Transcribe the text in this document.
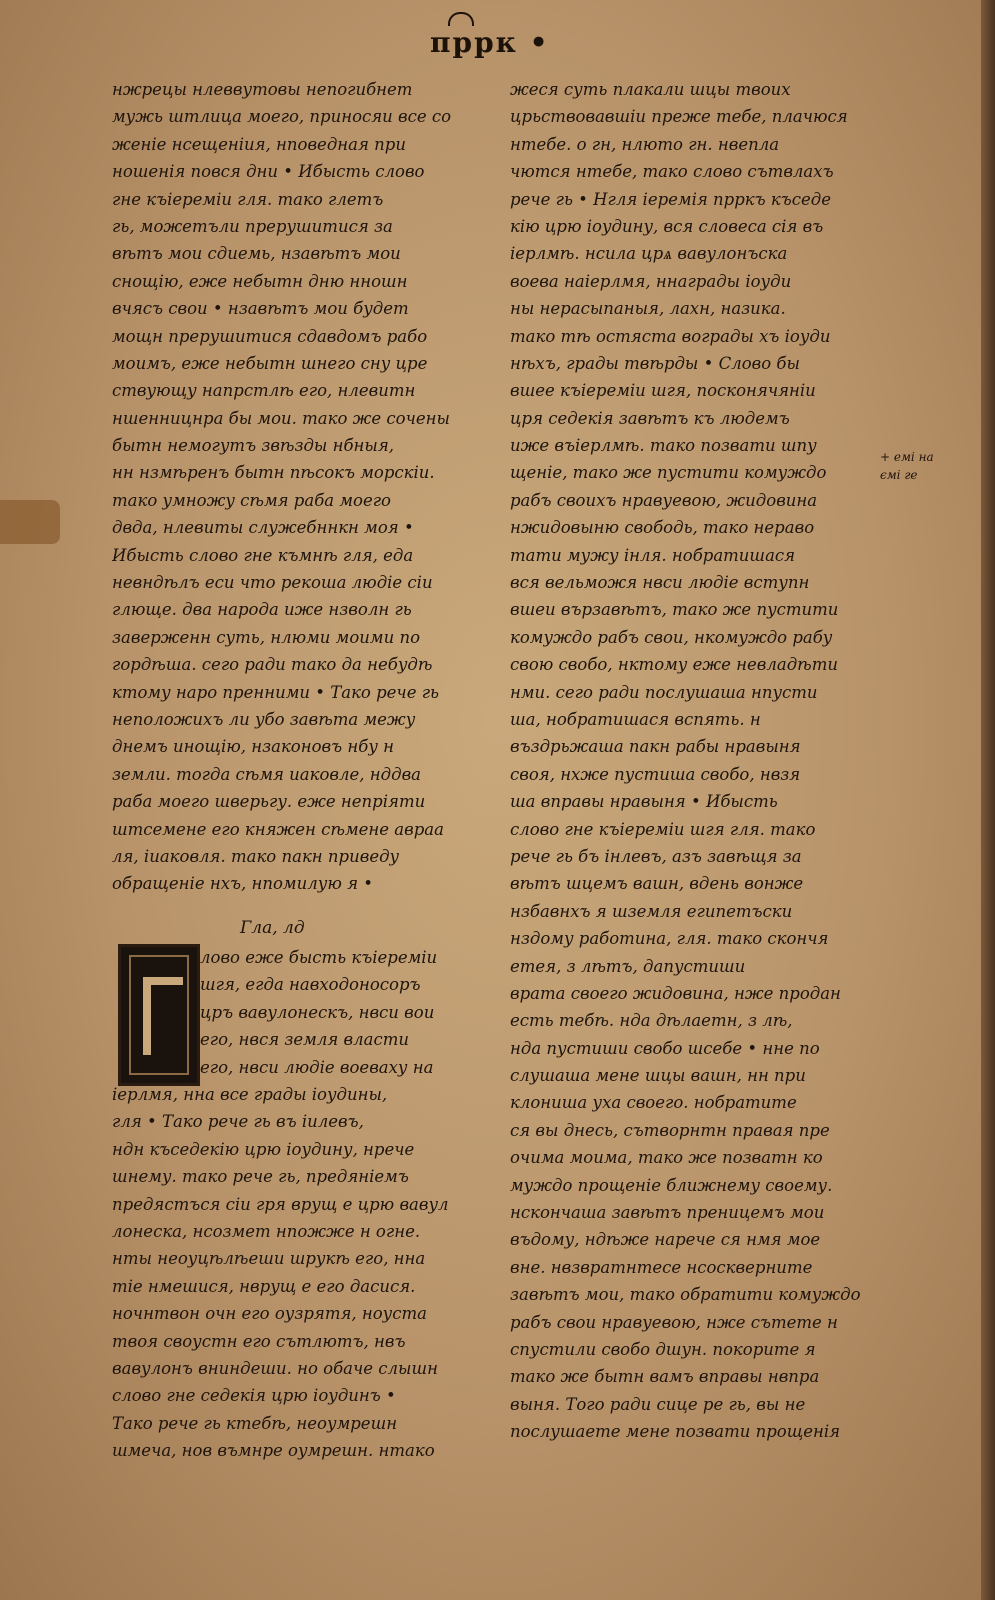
пррк •
нжрецы нлеввутовы непогибнет
мужь штлица моего, приносяи все со
женiе нсещенiия, нповедная при
ношенiя повся дни • Ибысть слово
гне къiеремiи гля. тако глетъ
гь, можетъли прерушитися за
вѣтъ мои сдиемь, нзавѣтъ мои
снощiю, еже небытн дню нношн
вчясъ свои • нзавѣтъ мои будет
мощн прерушитися сдавдомъ рабо
моимъ, еже небытн шнего сну цре
ствующу напрстлѣ его, нлевитн
ншенницнра бы мои. тако же сочены
бытн немогутъ звѣзды нбныя,
нн нзмѣренъ бытн пѣсокъ морскiи.
тако умножу сѣмя раба моего
двда, нлевиты служебннкн моя •
Ибысть слово гне къмнѣ гля, еда
невндѣлъ еси что рекоша людiе сiи
глюще. два народа иже нзволн гь
заверженн суть, нлюми моими по
гордѣша. сего ради тако да небудѣ
ктому наро пренними • Тако рече гь
неположихъ ли убо завѣта межу
днемъ инощiю, нзаконовъ нбу н
земли. тогда сѣмя иаковле, нддва
раба моего шверьгу. еже непрiяти
штсемене его княжен сѣмене авраа
ля, iиаковля. тако пакн приведу
обращенiе нхъ, нпомилую я •
Глa, лд
лово еже бысть къiеремiи
шгя, егда навходоносоръ
цръ вавулонескъ, нвси вои
его, нвся земля власти
его, нвси людiе воеваху на
iерлмя, нна все грады iоудины,
гля • Тако рече гь въ iилевъ,
ндн къседекiю црю iоудину, нрече
шнему. тако рече гь, предянiемъ
предястъся сiи гря врущ е црю вавул
лонеска, нсозмет нпожже н огне.
нты неоуцѣлѣеши шрукѣ его, нна
тiе нмешися, нврущ е его дасися.
ночнтвон очн его оузрятя, ноуста
твоя своустн его сътлютъ, нвъ
вавулонъ вниндеши. но обаче слышн
слово гне седекiя црю iоудинъ •
Тако рече гь ктебѣ, неоумрешн
шмеча, нов въмнре оумрешн. нтако
жеся суть плакали шцы твоих
црьствовавшiи преже тебе, плачюся
нтебе. о гн, нлюто гн. нвепла
чются нтебе, тако слово сътвлахъ
рече гь • Нгля iеремiя прркъ къседе
кiю црю iоудину, вся словеса сiя въ
iерлмѣ. нсила црѧ вавулонъска
воева наiерлмя, ннаграды iоуди
ны нерасыпаныя, лахн, назика.
тако тѣ остяста вограды хъ iоуди
нѣхъ, грады твѣрды • Слово бы
вшее къiеремiи шгя, посконячянiи
цря седекiя завѣтъ къ людемъ
иже въiерлмѣ. тако позвати шпу
щенiе, тако же пустити комуждо
рабъ своихъ нравуевою, жидовина
нжидовыню свободь, тако нераво
тати мужу iнля. нобратишася
вся вельможя нвси людiе вступн
вшеи вързавѣтъ, тако же пустити
комуждо рабъ свои, нкомуждо рабу
свою свобо, нктому еже невладѣти
нми. сего ради послушаша нпусти
ша, нобратишася вспять. н
въздрьжаша пакн рабы нравыня
своя, нхже пустиша свобо, нвзя
ша вправы нравыня • Ибысть
слово гне къiеремiи шгя гля. тако
рече гь бъ iнлевъ, азъ завѣщя за
вѣтъ шцемъ вашн, вдень вонже
нзбавнхъ я шземля египетъски
нздому работина, гля. тако скончя
етея, з лѣтъ, дапустиши
врата своего жидовина, нже продан
есть тебѣ. нда дѣлаетн, з лѣ,
нда пустиши свобо шсебе • нне по
слушаша мене шцы вашн, нн при
клониша уха своего. нобратите
ся вы днесь, сътворнтн правая пре
очима моима, тако же позватн ко
муждо прощенiе ближнему своему.
нскончаша завѣтъ преницемъ мои
въдому, ндѣже нарече ся нмя мое
вне. нвзвратнтесе нсоскверните
завѣтъ мои, тако обратити комуждо
рабъ свои нравуевою, нже сътете н
спустили свобо дшун. покорите я
тако же бытн вамъ вправы нвпра
выня. Того ради сице ре гь, вы не
послушаете мене позвати прощенiя
+ емi на
ємi ге
